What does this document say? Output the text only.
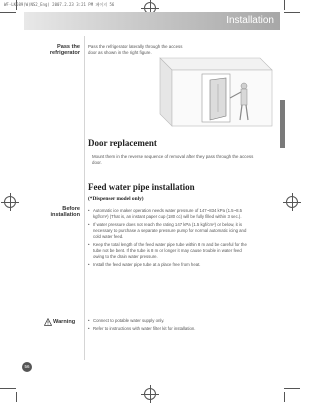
WF-LK689(W)NS2_Eng) 2007.2.23 3:21 PM 페이지 56
Installation
Pass the
refrigerator
Pass the refrigerator laterally through the access
door as shown in the right figure.
Door replacement
Mount them in the reverse sequence of removal after they pass through the access
door.
Feed water pipe installation
(*Dispenser model only)
Before
installation
• Automatic ice maker operation needs water pressure of 147~834 kPa (1.5~8.5
kgf/cm²) (That is, an instant paper cup (180 cc) will be fully filled within 3 sec.).
• If water pressure does not reach the rating 147 kPa (1.5 kgf/cm²) or below, it is
necessary to purchase a separate pressure pump for normal automatic icing and
cold water feed.
• Keep the total length of the feed water pipe tube within 8 m and be careful for the
tube not be bent. If the tube is 8 m or longer it may cause trouble in water feed
owing to the drain water pressure.
• Install the feed water pipe tube at a place free from heat.
Warning	• Connect to potable water supply only.
• Refer to instructions with water filter kit for installation.
56
